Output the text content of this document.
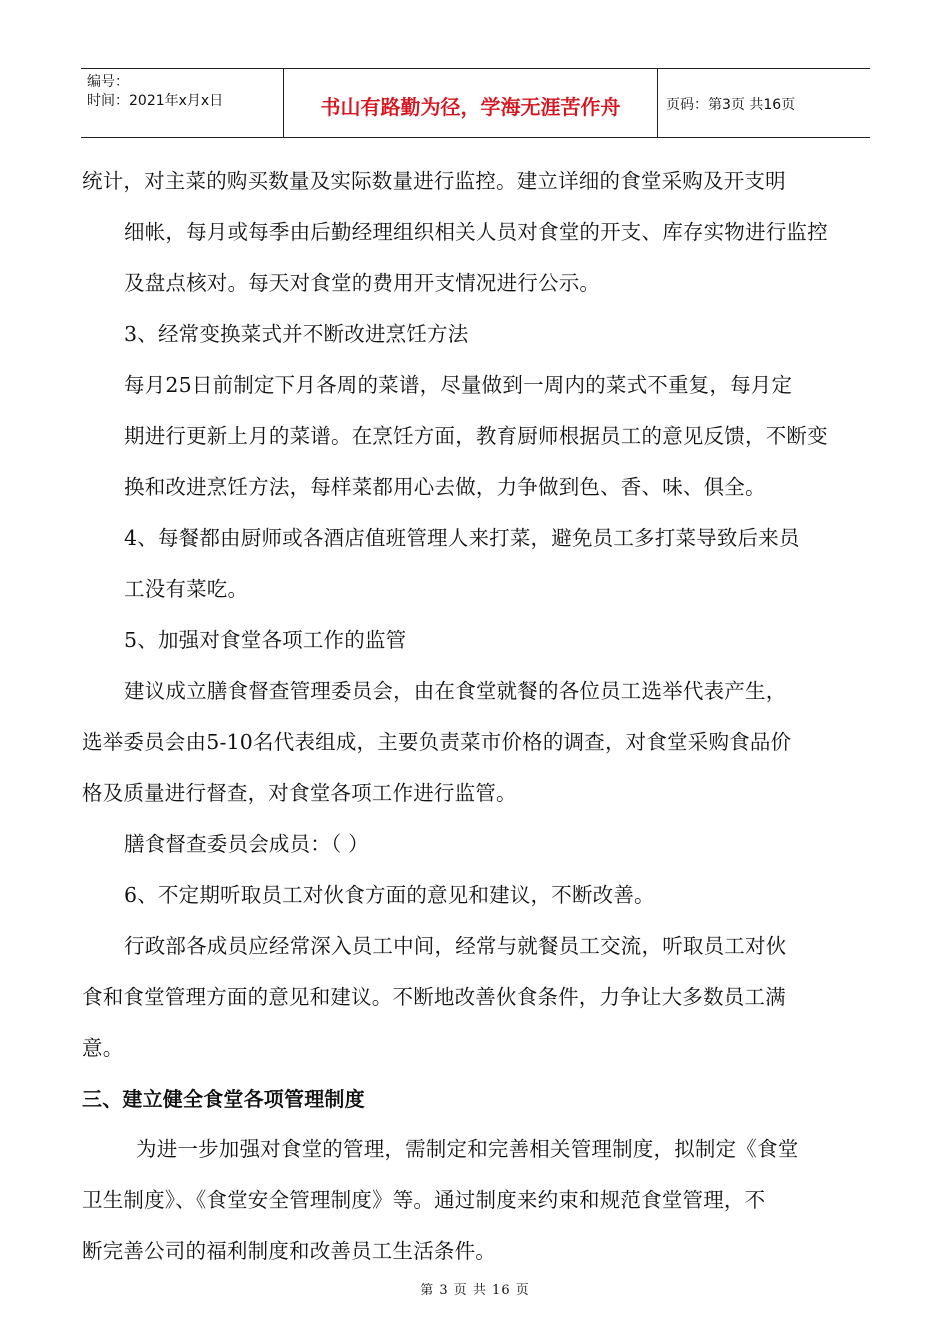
编号：
时间：2021年x月x日	书山有路勤为径，学海无涯苦作舟	页码：第3页 共16页

统计，对主菜的购买数量及实际数量进行监控。建立详细的食堂采购及开支明

细帐，每月或每季由后勤经理组织相关人员对食堂的开支、库存实物进行监控

及盘点核对。每天对食堂的费用开支情况进行公示。

3、经常变换菜式并不断改进烹饪方法

每月25日前制定下月各周的菜谱，尽量做到一周内的菜式不重复，每月定

期进行更新上月的菜谱。在烹饪方面，教育厨师根据员工的意见反馈，不断变

换和改进烹饪方法，每样菜都用心去做，力争做到色、香、味、俱全。

4、每餐都由厨师或各酒店值班管理人来打菜，避免员工多打菜导致后来员

工没有菜吃。

5、加强对食堂各项工作的监管

建议成立膳食督查管理委员会，由在食堂就餐的各位员工选举代表产生，

选举委员会由5-10名代表组成，主要负责菜市价格的调查，对食堂采购食品价

格及质量进行督查，对食堂各项工作进行监管。

膳食督查委员会成员：（ ）

6、不定期听取员工对伙食方面的意见和建议，不断改善。

行政部各成员应经常深入员工中间，经常与就餐员工交流，听取员工对伙

食和食堂管理方面的意见和建议。不断地改善伙食条件，力争让大多数员工满

意。

三、建立健全食堂各项管理制度

为进一步加强对食堂的管理，需制定和完善相关管理制度，拟制定《食堂

卫生制度》、《食堂安全管理制度》等。通过制度来约束和规范食堂管理，不

断完善公司的福利制度和改善员工生活条件。

第 3 页 共 16 页
